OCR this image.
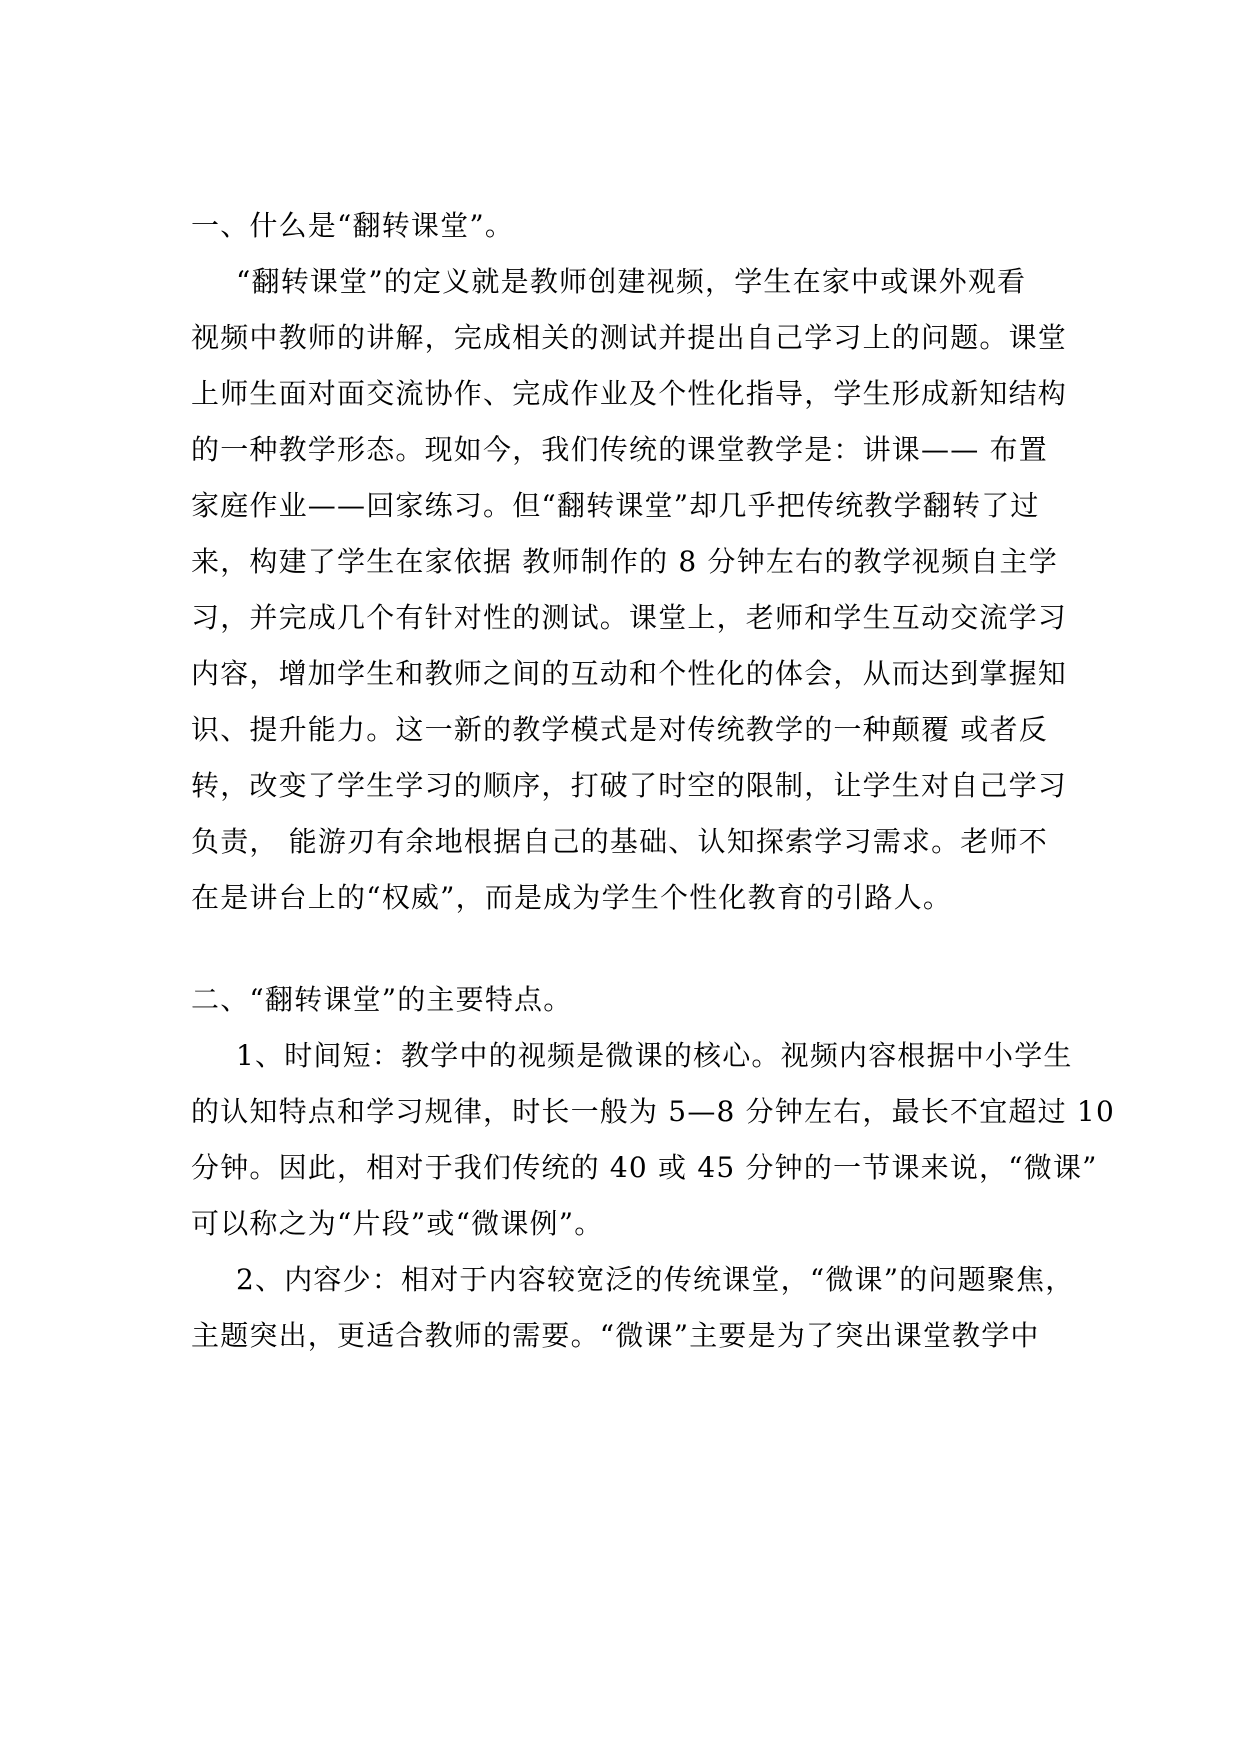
一、什么是“翻转课堂”。

“翻转课堂”的定义就是教师创建视频，学生在家中或课外观看

视频中教师的讲解，完成相关的测试并提出自己学习上的问题。课堂

上师生面对面交流协作、完成作业及个性化指导，学生形成新知结构

的一种教学形态。现如今，我们传统的课堂教学是：讲课—— 布置

家庭作业——回家练习。但“翻转课堂”却几乎把传统教学翻转了过

来，构建了学生在家依据 教师制作的 8 分钟左右的教学视频自主学

习，并完成几个有针对性的测试。课堂上，老师和学生互动交流学习

内容，增加学生和教师之间的互动和个性化的体会，从而达到掌握知

识、提升能力。这一新的教学模式是对传统教学的一种颠覆 或者反

转，改变了学生学习的顺序，打破了时空的限制，让学生对自己学习

负责， 能游刃有余地根据自己的基础、认知探索学习需求。老师不

在是讲台上的“权威”，而是成为学生个性化教育的引路人。

二、“翻转课堂”的主要特点。

1、时间短：教学中的视频是微课的核心。视频内容根据中小学生

的认知特点和学习规律，时长一般为 5—8 分钟左右，最长不宜超过 10

分钟。因此，相对于我们传统的 40 或 45 分钟的一节课来说，“微课”

可以称之为“片段”或“微课例”。

2、内容少：相对于内容较宽泛的传统课堂，“微课”的问题聚焦，

主题突出，更适合教师的需要。“微课”主要是为了突出课堂教学中
